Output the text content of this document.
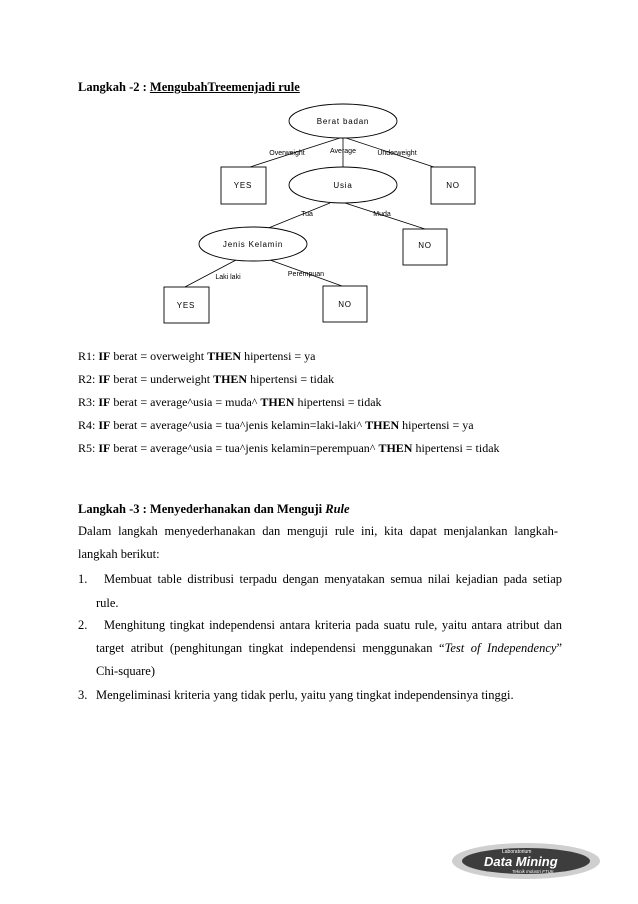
Langkah -2 : MengubahTreemenjadi rule
Berat badan
Overweight	Average	Underweight
YES	Usia	NO
Tua	Muda
Jenis Kelamin	NO
Laki laki	Perempuan
YES	NO
R1: IF berat = overweight THEN hipertensi = ya
R2: IF berat = underweight THEN hipertensi = tidak
R3: IF berat = average^usia = muda^ THEN hipertensi = tidak
R4: IF berat = average^usia = tua^jenis kelamin=laki-laki^ THEN hipertensi = ya
R5: IF berat = average^usia = tua^jenis kelamin=perempuan^ THEN hipertensi = tidak
Langkah -3 : Menyederhanakan dan Menguji Rule
Dalam langkah menyederhanakan dan menguji rule ini, kita dapat menjalankan langkah-
langkah berikut:
1. Membuat table distribusi terpadu dengan menyatakan semua nilai kejadian pada setiap
rule.
2. Menghitung tingkat independensi antara kriteria pada suatu rule, yaitu antara atribut dan
target atribut (penghitungan tingkat independensi menggunakan “Test of Independency”
Chi-square)
3. Mengeliminasi kriteria yang tidak perlu, yaitu yang tingkat independensinya tinggi.
Laboratorium
Data Mining
Teknik Industri FTUII
